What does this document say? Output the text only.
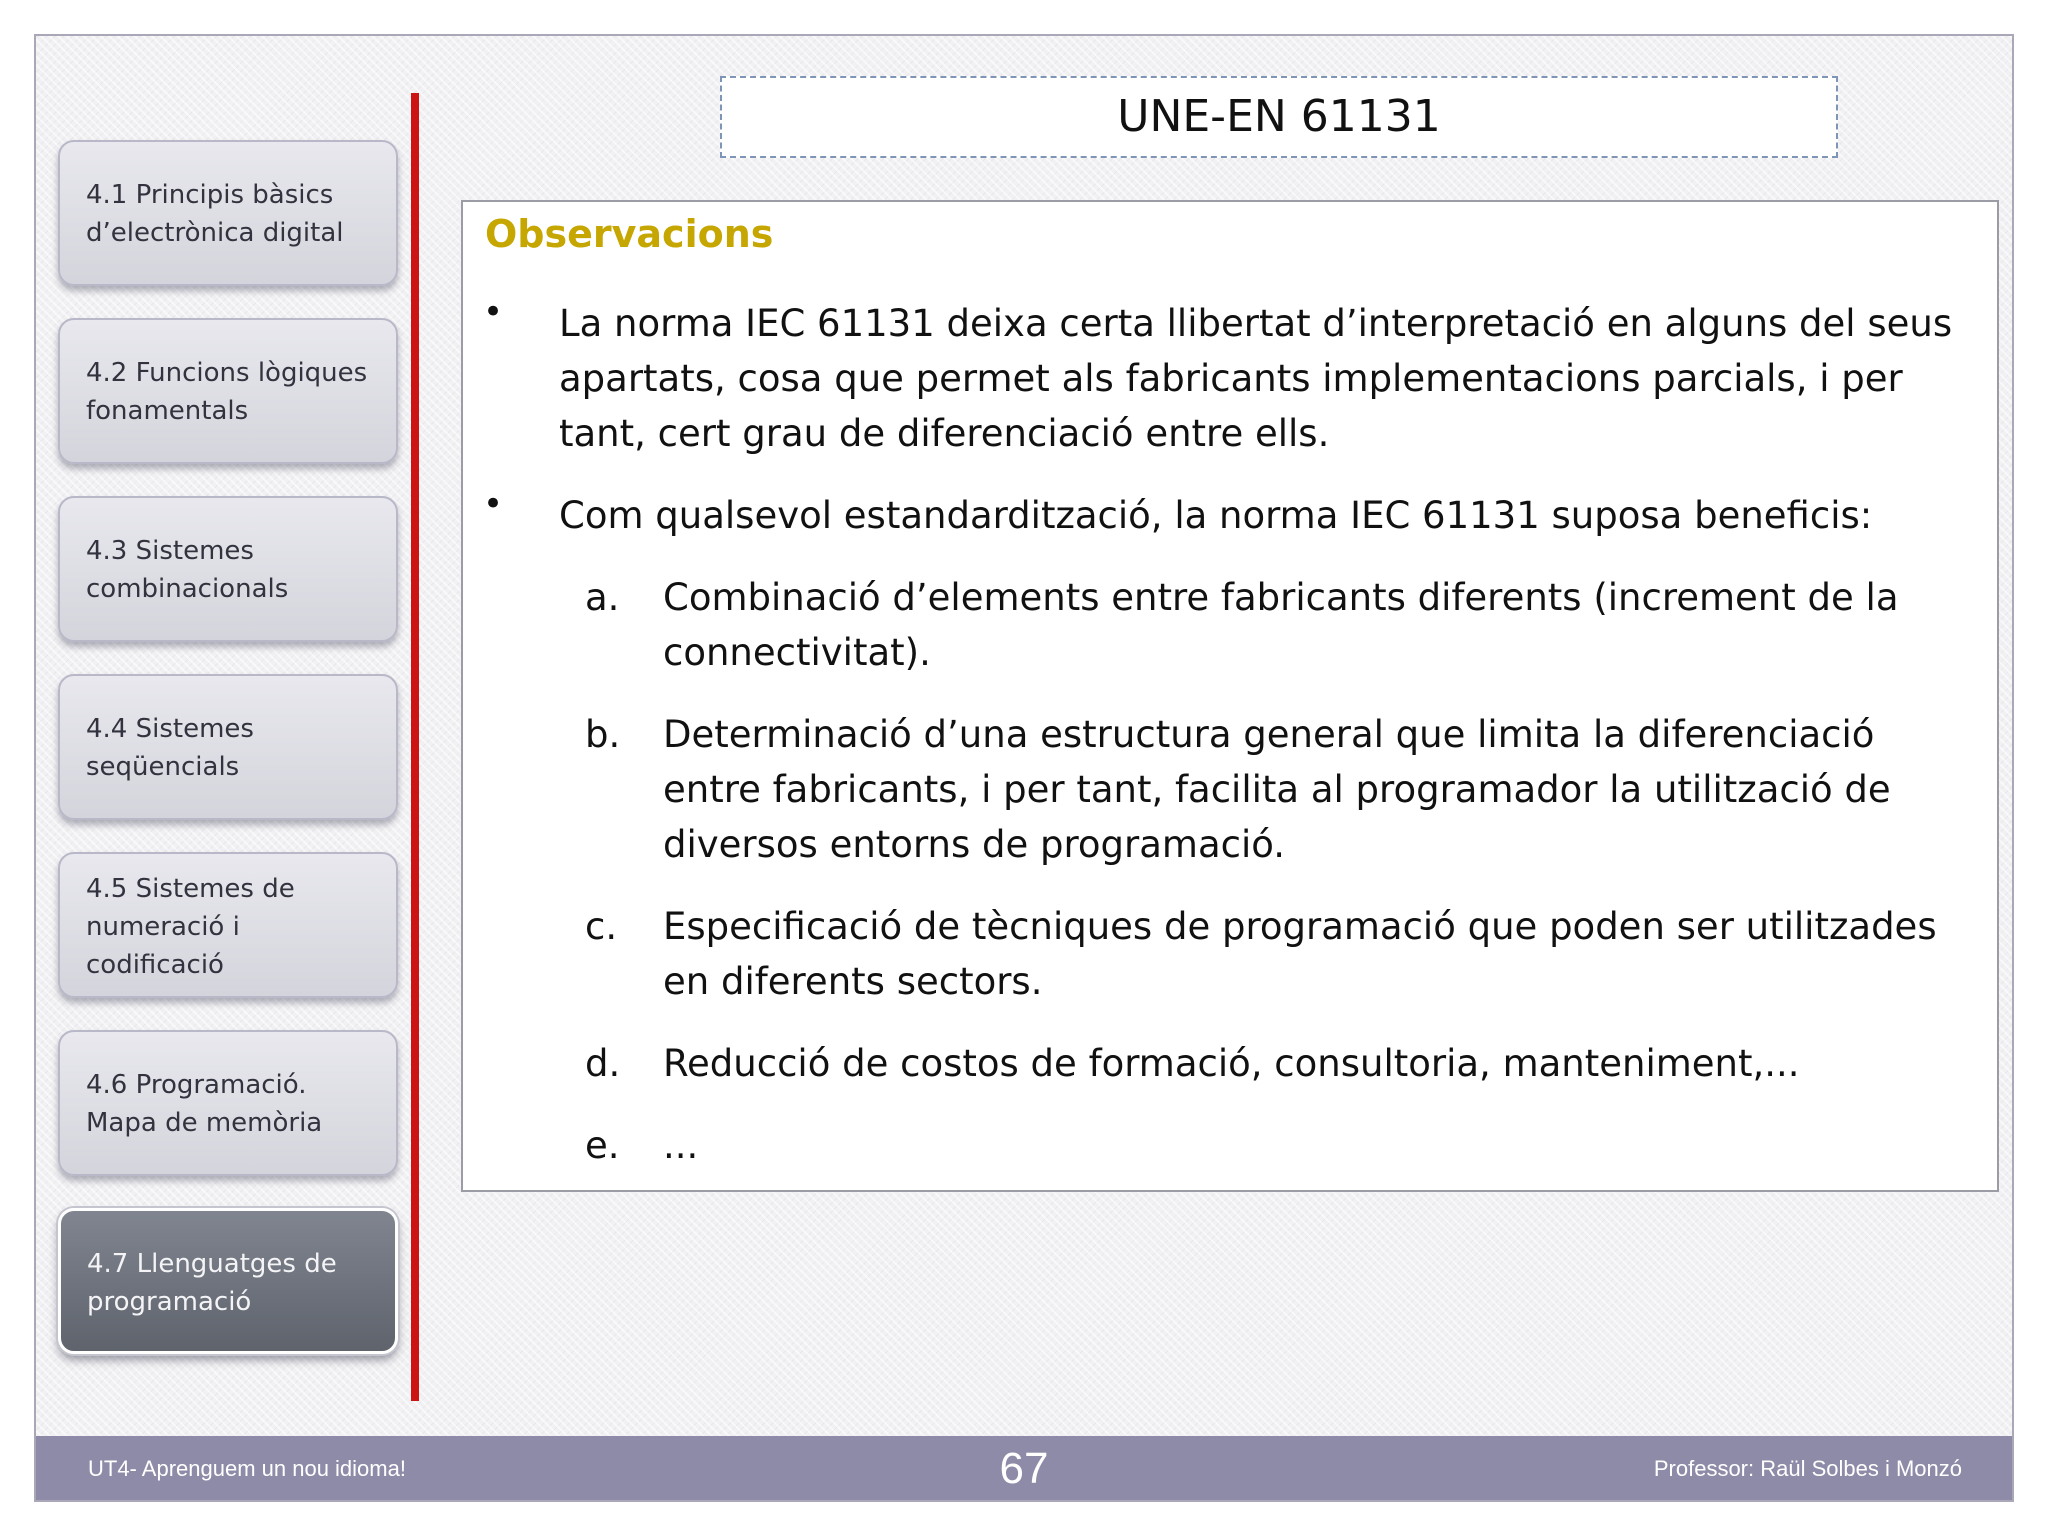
4.1 Principis bàsics d’electrònica digital
4.2 Funcions lògiques fonamentals
4.3 Sistemes combinacionals
4.4 Sistemes seqüencials
4.5 Sistemes de numeració i codificació
4.6 Programació. Mapa de memòria
4.7 Llenguatges de programació
UNE-EN 61131
Observacions
• La norma IEC 61131 deixa certa llibertat d’interpretació en alguns del seus apartats, cosa que permet als fabricants implementacions parcials, i per tant, cert grau de diferenciació entre ells.
• Com qualsevol estandardització, la norma IEC 61131 suposa beneficis:
a. Combinació d’elements entre fabricants diferents (increment de la connectivitat).
b. Determinació d’una estructura general que limita la diferenciació entre fabricants, i per tant, facilita al programador la utilització de diversos entorns de programació.
c. Especificació de tècniques de programació que poden ser utilitzades en diferents sectors.
d. Reducció de costos de formació, consultoria, manteniment,...
e. ...
UT4- Aprenguem un nou idioma!	67	Professor: Raül Solbes i Monzó
